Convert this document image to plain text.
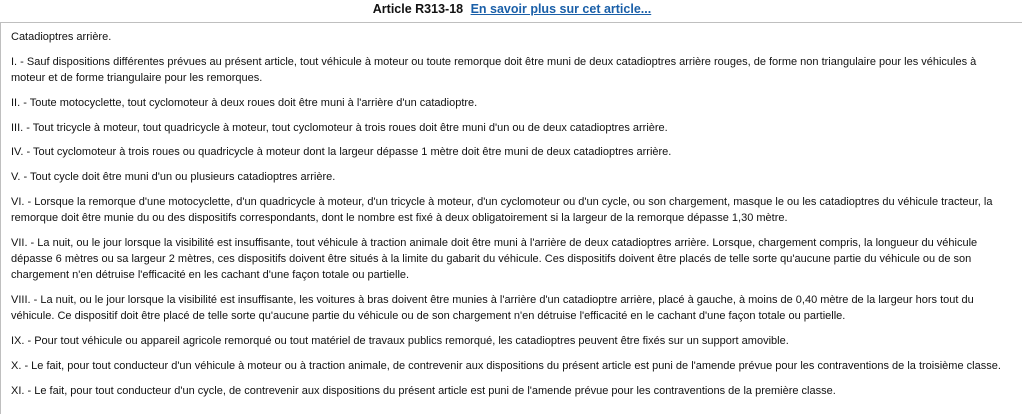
Article R313-18 En savoir plus sur cet article...

Catadioptres arrière.

I. - Sauf dispositions différentes prévues au présent article, tout véhicule à moteur ou toute remorque doit être muni de deux catadioptres arrière rouges, de forme non triangulaire pour les véhicules à moteur et de forme triangulaire pour les remorques.

II. - Toute motocyclette, tout cyclomoteur à deux roues doit être muni à l'arrière d'un catadioptre.

III. - Tout tricycle à moteur, tout quadricycle à moteur, tout cyclomoteur à trois roues doit être muni d'un ou de deux catadioptres arrière.

IV. - Tout cyclomoteur à trois roues ou quadricycle à moteur dont la largeur dépasse 1 mètre doit être muni de deux catadioptres arrière.

V. - Tout cycle doit être muni d'un ou plusieurs catadioptres arrière.

VI. - Lorsque la remorque d'une motocyclette, d'un quadricycle à moteur, d'un tricycle à moteur, d'un cyclomoteur ou d'un cycle, ou son chargement, masque le ou les catadioptres du véhicule tracteur, la remorque doit être munie du ou des dispositifs correspondants, dont le nombre est fixé à deux obligatoirement si la largeur de la remorque dépasse 1,30 mètre.

VII. - La nuit, ou le jour lorsque la visibilité est insuffisante, tout véhicule à traction animale doit être muni à l'arrière de deux catadioptres arrière. Lorsque, chargement compris, la longueur du véhicule dépasse 6 mètres ou sa largeur 2 mètres, ces dispositifs doivent être situés à la limite du gabarit du véhicule. Ces dispositifs doivent être placés de telle sorte qu'aucune partie du véhicule ou de son chargement n'en détruise l'efficacité en les cachant d'une façon totale ou partielle.

VIII. - La nuit, ou le jour lorsque la visibilité est insuffisante, les voitures à bras doivent être munies à l'arrière d'un catadioptre arrière, placé à gauche, à moins de 0,40 mètre de la largeur hors tout du véhicule. Ce dispositif doit être placé de telle sorte qu'aucune partie du véhicule ou de son chargement n'en détruise l'efficacité en le cachant d'une façon totale ou partielle.

IX. - Pour tout véhicule ou appareil agricole remorqué ou tout matériel de travaux publics remorqué, les catadioptres peuvent être fixés sur un support amovible.

X. - Le fait, pour tout conducteur d'un véhicule à moteur ou à traction animale, de contrevenir aux dispositions du présent article est puni de l'amende prévue pour les contraventions de la troisième classe.

XI. - Le fait, pour tout conducteur d'un cycle, de contrevenir aux dispositions du présent article est puni de l'amende prévue pour les contraventions de la première classe.
